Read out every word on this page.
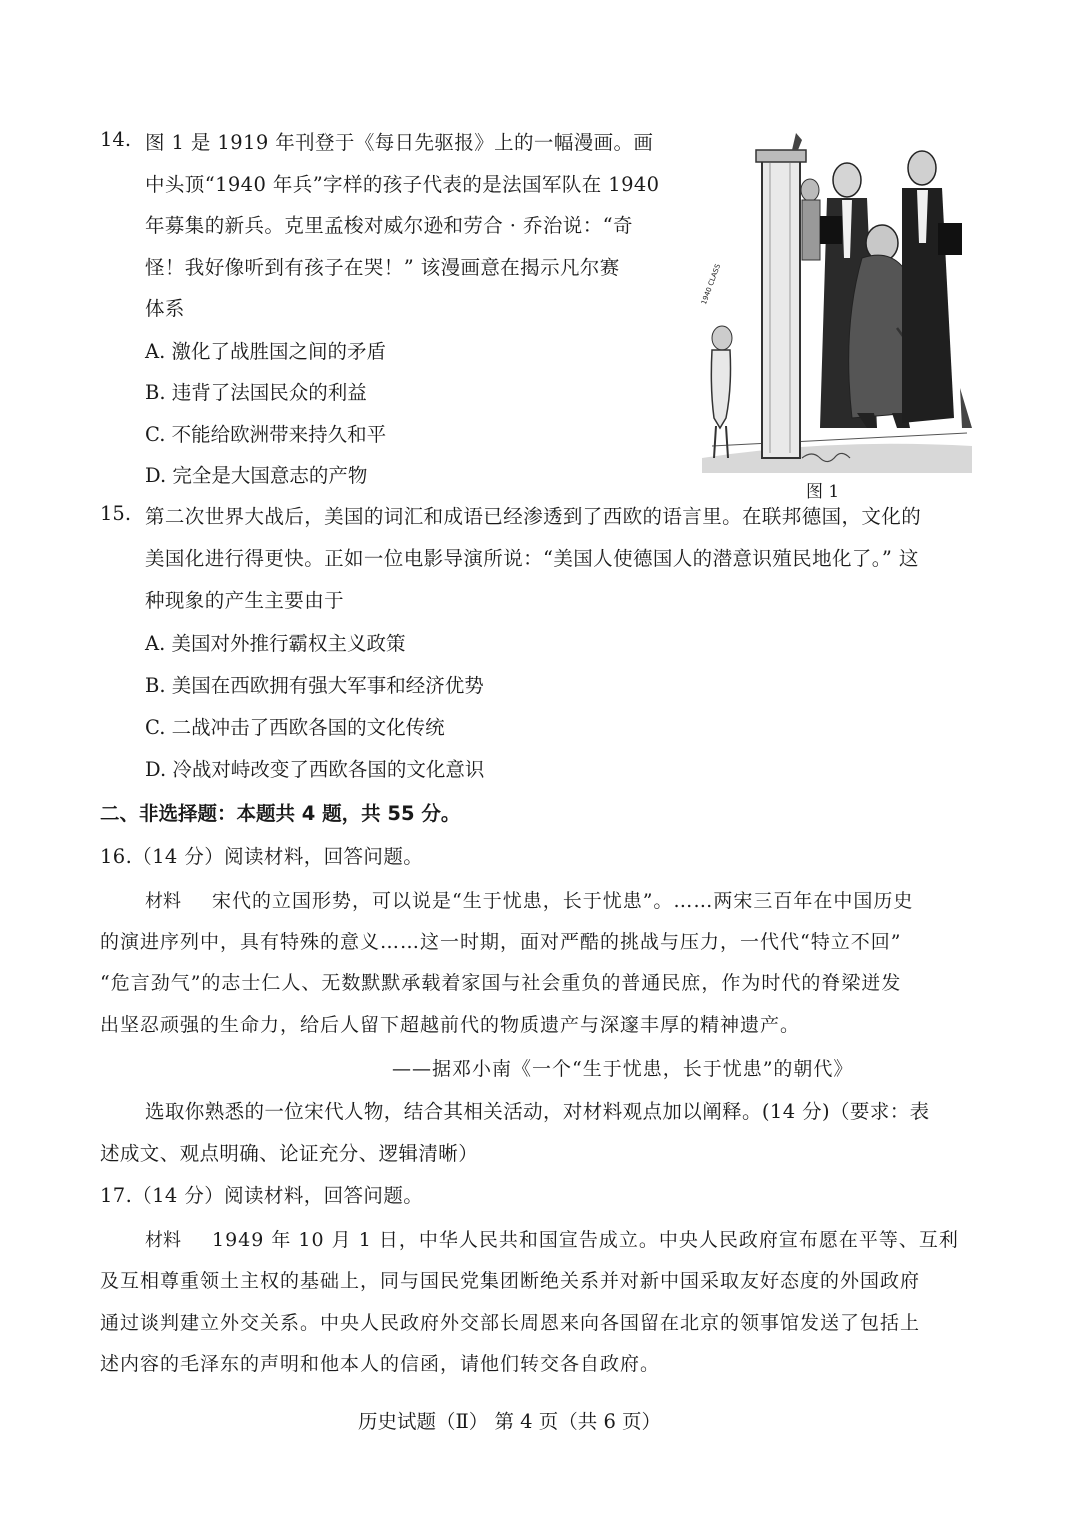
14. 图 1 是 1919 年刊登于《每日先驱报》上的一幅漫画。画
中头顶“1940 年兵”字样的孩子代表的是法国军队在 1940
年募集的新兵。克里孟梭对威尔逊和劳合 · 乔治说：“奇
怪！我好像听到有孩子在哭！” 该漫画意在揭示凡尔赛
体系
A. 激化了战胜国之间的矛盾
B. 违背了法国民众的利益
C. 不能给欧洲带来持久和平
D. 完全是大国意志的产物
1940 CLASS
图 1
15. 第二次世界大战后，美国的词汇和成语已经渗透到了西欧的语言里。在联邦德国，文化的
美国化进行得更快。正如一位电影导演所说：“美国人使德国人的潜意识殖民地化了。” 这
种现象的产生主要由于
A. 美国对外推行霸权主义政策
B. 美国在西欧拥有强大军事和经济优势
C. 二战冲击了西欧各国的文化传统
D. 冷战对峙改变了西欧各国的文化意识
二、非选择题：本题共 4 题，共 55 分。
16.（14 分）阅读材料，回答问题。
材料 宋代的立国形势，可以说是“生于忧患，长于忧患”。……两宋三百年在中国历史
的演进序列中，具有特殊的意义……这一时期，面对严酷的挑战与压力，一代代“特立不回”
“危言劲气”的志士仁人、无数默默承载着家国与社会重负的普通民庶，作为时代的脊梁迸发
出坚忍顽强的生命力，给后人留下超越前代的物质遗产与深邃丰厚的精神遗产。
——据邓小南《一个“生于忧患，长于忧患”的朝代》
选取你熟悉的一位宋代人物，结合其相关活动，对材料观点加以阐释。(14 分)（要求：表
述成文、观点明确、论证充分、逻辑清晰）
17.（14 分）阅读材料，回答问题。
材料 1949 年 10 月 1 日，中华人民共和国宣告成立。中央人民政府宣布愿在平等、互利
及互相尊重领土主权的基础上，同与国民党集团断绝关系并对新中国采取友好态度的外国政府
通过谈判建立外交关系。中央人民政府外交部长周恩来向各国留在北京的领事馆发送了包括上
述内容的毛泽东的声明和他本人的信函，请他们转交各自政府。
历史试题（Ⅱ） 第 4 页（共 6 页）
